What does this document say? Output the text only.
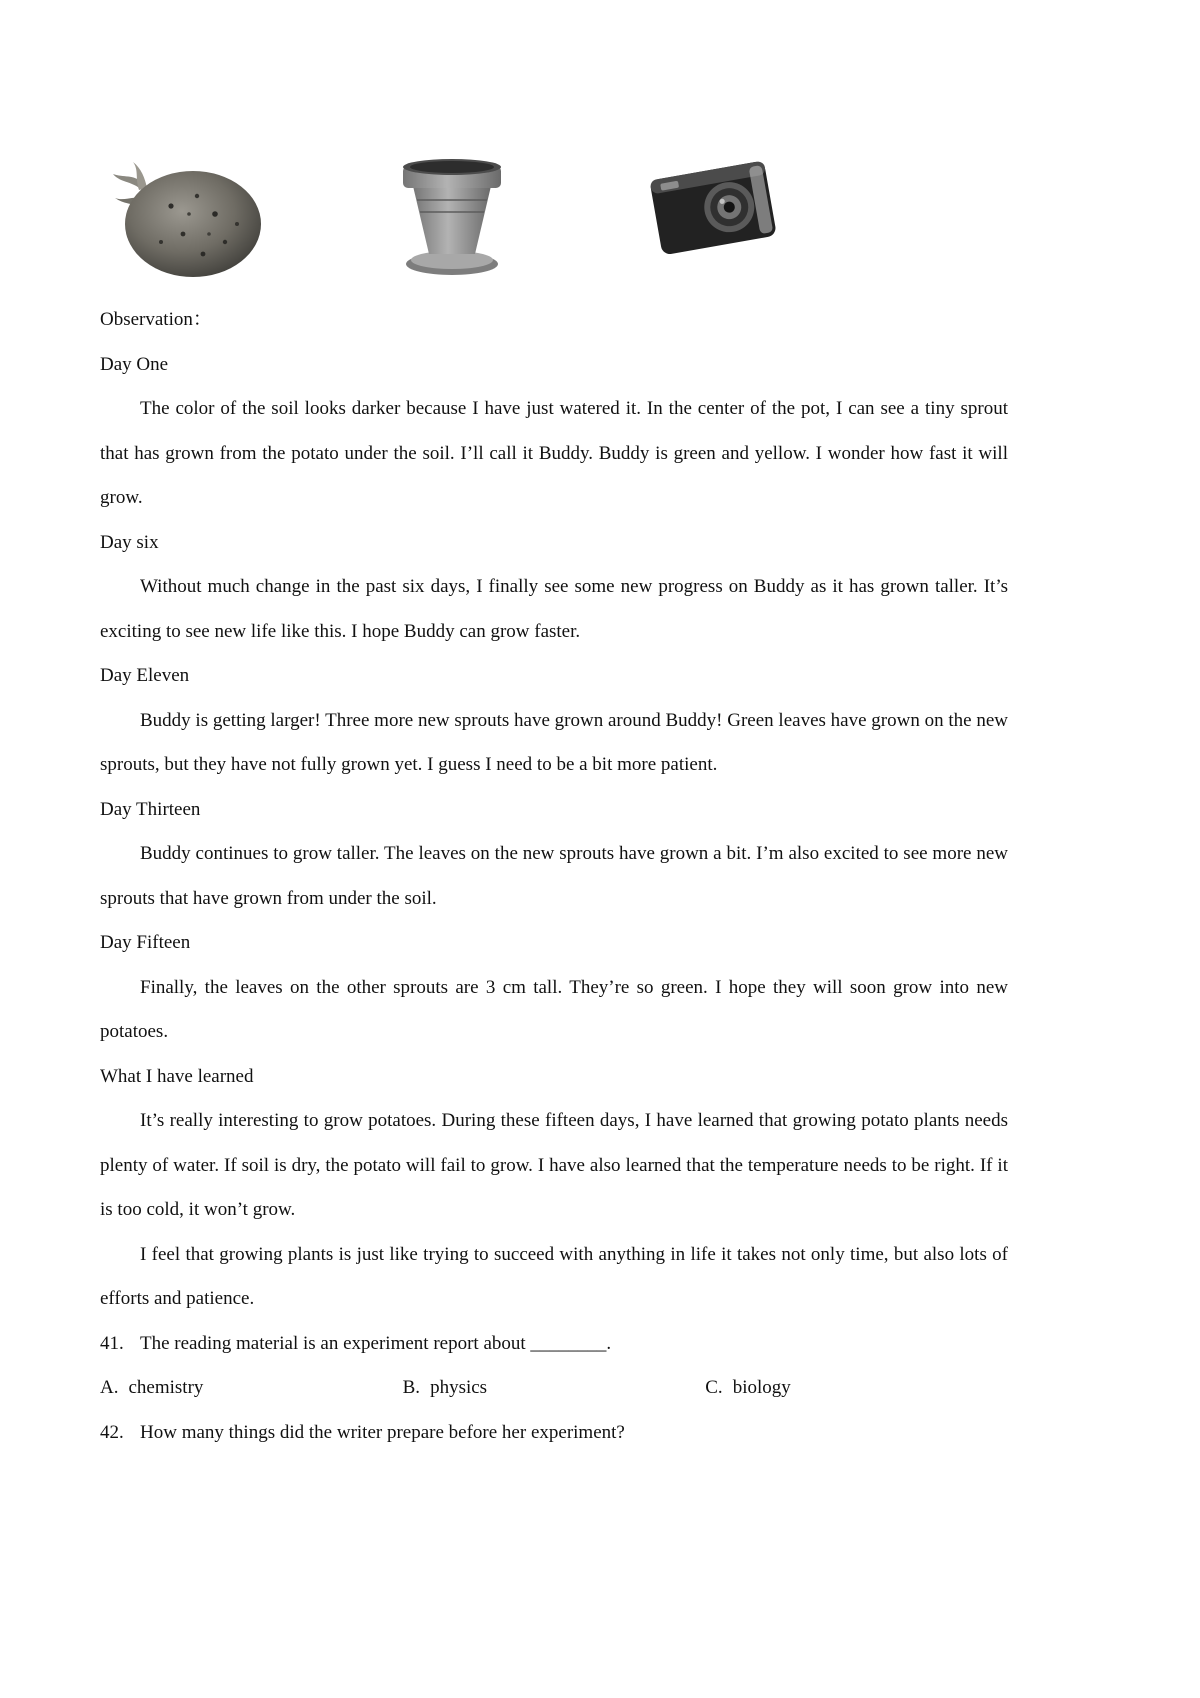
Observation：

Day One

The color of the soil looks darker because I have just watered it. In the center of the pot, I can see a tiny sprout that has grown from the potato under the soil. I’ll call it Buddy. Buddy is green and yellow. I wonder how fast it will grow.

Day six

Without much change in the past six days, I finally see some new progress on Buddy as it has grown taller. It’s exciting to see new life like this. I hope Buddy can grow faster.

Day Eleven

Buddy is getting larger! Three more new sprouts have grown around Buddy! Green leaves have grown on the new sprouts, but they have not fully grown yet. I guess I need to be a bit more patient.

Day Thirteen

Buddy continues to grow taller. The leaves on the new sprouts have grown a bit. I’m also excited to see more new sprouts that have grown from under the soil.

Day Fifteen

Finally, the leaves on the other sprouts are 3 cm tall. They’re so green. I hope they will soon grow into new potatoes.

What I have learned

It’s really interesting to grow potatoes. During these fifteen days, I have learned that growing potato plants needs plenty of water. If soil is dry, the potato will fail to grow. I have also learned that the temperature needs to be right. If it is too cold, it won’t grow.

I feel that growing plants is just like trying to succeed with anything in life it takes not only time, but also lots of efforts and patience.

41. The reading material is an experiment report about ________.

A. chemistry	B. physics	C. biology

42. How many things did the writer prepare before her experiment?
